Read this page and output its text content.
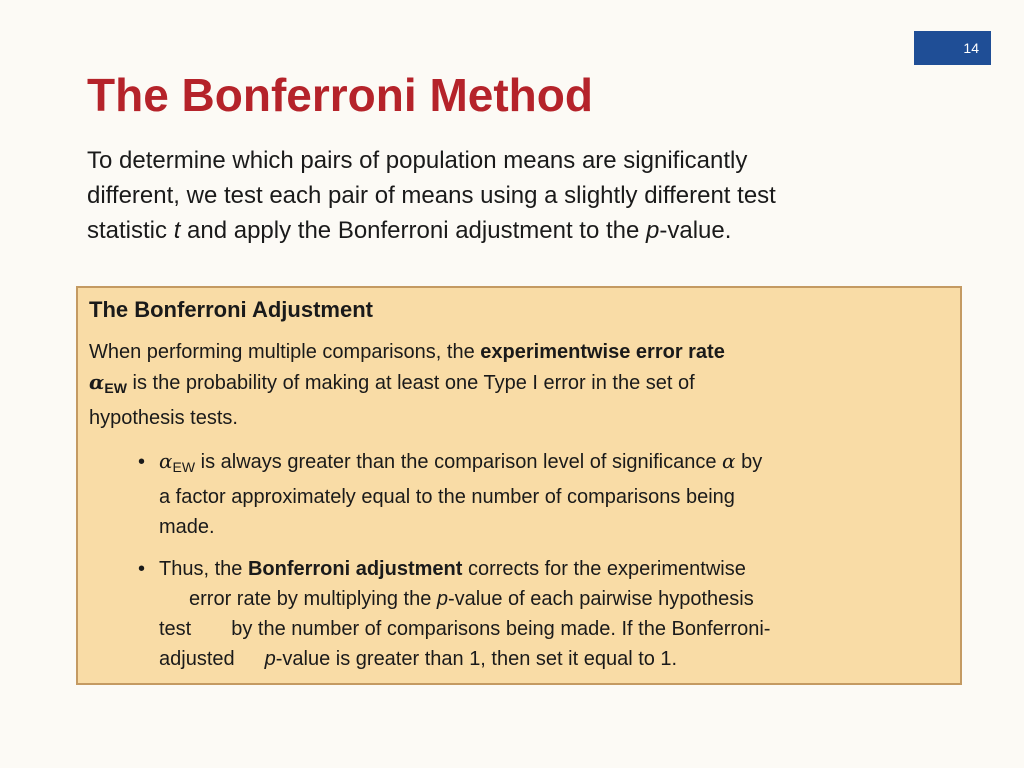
14
The Bonferroni Method

To determine which pairs of population means are significantly
different, we test each pair of means using a slightly different test
statistic t and apply the Bonferroni adjustment to the p-value.

The Bonferroni Adjustment

When performing multiple comparisons, the experimentwise error rate
$\alpha_{EW}$ is the probability of making at least one Type I error in the set of
hypothesis tests.

• $\alpha_{EW}$ is always greater than the comparison level of significance α by
a factor approximately equal to the number of comparisons being
made.

• Thus, the Bonferroni adjustment corrects for the experimentwise
error rate by multiplying the p-value of each pairwise hypothesis
test by the number of comparisons being made. If the Bonferroni-
adjusted p-value is greater than 1, then set it equal to 1.
